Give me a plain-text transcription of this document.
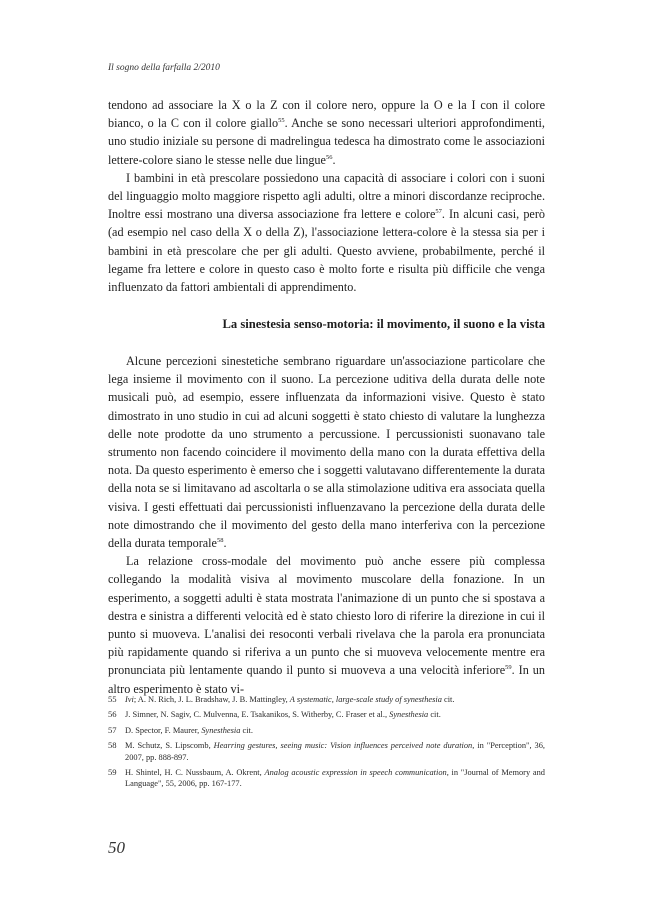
Il sogno della farfalla 2/2010

tendono ad associare la X o la Z con il colore nero, oppure la O e la I con il colore bianco, o la C con il colore giallo$^{55}$. Anche se sono necessari ulteriori approfondimenti, uno studio iniziale su persone di madrelingua tedesca ha dimostrato come le associazioni lettere-colore siano le stesse nelle due lingue$^{56}$.

I bambini in età prescolare possiedono una capacità di associare i colori con i suoni del linguaggio molto maggiore rispetto agli adulti, oltre a minori discordanze reciproche. Inoltre essi mostrano una diversa associazione fra lettere e colore$^{57}$. In alcuni casi, però (ad esempio nel caso della X o della Z), l'associazione lettera-colore è la stessa sia per i bambini in età prescolare che per gli adulti. Questo avviene, probabilmente, perché il legame fra lettere e colore in questo caso è molto forte e risulta più difficile che venga influenzato da fattori ambientali di apprendimento.

La sinestesia senso-motoria: il movimento, il suono e la vista

Alcune percezioni sinestetiche sembrano riguardare un'associazione particolare che lega insieme il movimento con il suono. La percezione uditiva della durata delle note musicali può, ad esempio, essere influenzata da informazioni visive. Questo è stato dimostrato in uno studio in cui ad alcuni soggetti è stato chiesto di valutare la lunghezza delle note prodotte da uno strumento a percussione. I percussionisti suonavano tale strumento non facendo coincidere il movimento della mano con la durata effettiva della nota. Da questo esperimento è emerso che i soggetti valutavano differentemente la durata della nota se si limitavano ad ascoltarla o se alla stimolazione uditiva era associata quella visiva. I gesti effettuati dai percussionisti influenzavano la percezione della durata delle note dimostrando che il movimento del gesto della mano interferiva con la percezione della durata temporale$^{58}$.

La relazione cross-modale del movimento può anche essere più complessa collegando la modalità visiva al movimento muscolare della fonazione. In un esperimento, a soggetti adulti è stata mostrata l'animazione di un punto che si spostava a destra e sinistra a differenti velocità ed è stato chiesto loro di riferire la direzione in cui il punto si muoveva. L'analisi dei resoconti verbali rivelava che la parola era pronunciata più rapidamente quando si riferiva a un punto che si muoveva velocemente mentre era pronunciata più lentamente quando il punto si muoveva a una velocità inferiore$^{59}$. In un altro esperimento è stato vi-

55 Ivi; A. N. Rich, J. L. Bradshaw, J. B. Mattingley, A systematic, large-scale study of synesthesia cit.
56 J. Simner, N. Sagiv, C. Mulvenna, E. Tsakanikos, S. Witherby, C. Fraser et al., Synesthesia cit.
57 D. Spector, F. Maurer, Synesthesia cit.
58 M. Schutz, S. Lipscomb, Hearring gestures, seeing music: Vision influences perceived note duration, in "Perception", 36, 2007, pp. 888-897.
59 H. Shintel, H. C. Nussbaum, A. Okrent, Analog acoustic expression in speech communication, in "Journal of Memory and Language", 55, 2006, pp. 167-177.
50
